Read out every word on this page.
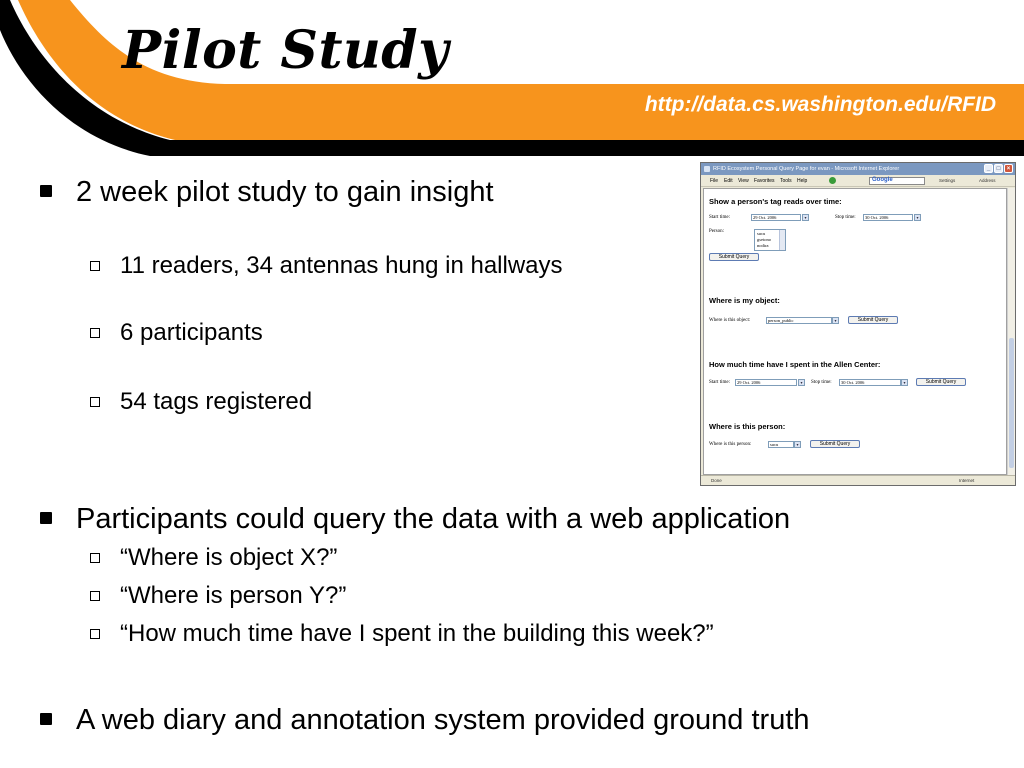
Pilot Study
http://data.cs.washington.edu/RFID
2 week pilot study to gain insight
11 readers, 34 antennas hung in hallways
6 participants
54 tags registered
Participants could query the data with a web application
“Where is object X?”
“Where is person Y?”
“How much time have I spent in the building this week?”
A web diary and annotation system provided ground truth
RFID Ecosystem Personal Query Page for evan - Microsoft Internet Explorer	_	□	×
File Edit View Favorites Tools Help	Google	Settings	Address
Show a person's tag reads over time:
Start time:	29 Oct. 2006	▾	Stop time:	30 Oct. 2006	▾
Person:	sucu
gsetono
nodira
Submit Query
Where is my object:
Where is this object:	person_public	▾	Submit Query
How much time have I spent in the Allen Center:
Start time:	29 Oct. 2006	▾	Stop time:	30 Oct. 2006	▾	Submit Query
Where is this person:
Where is this person:	sucu	▾	Submit Query
Done	Internet
